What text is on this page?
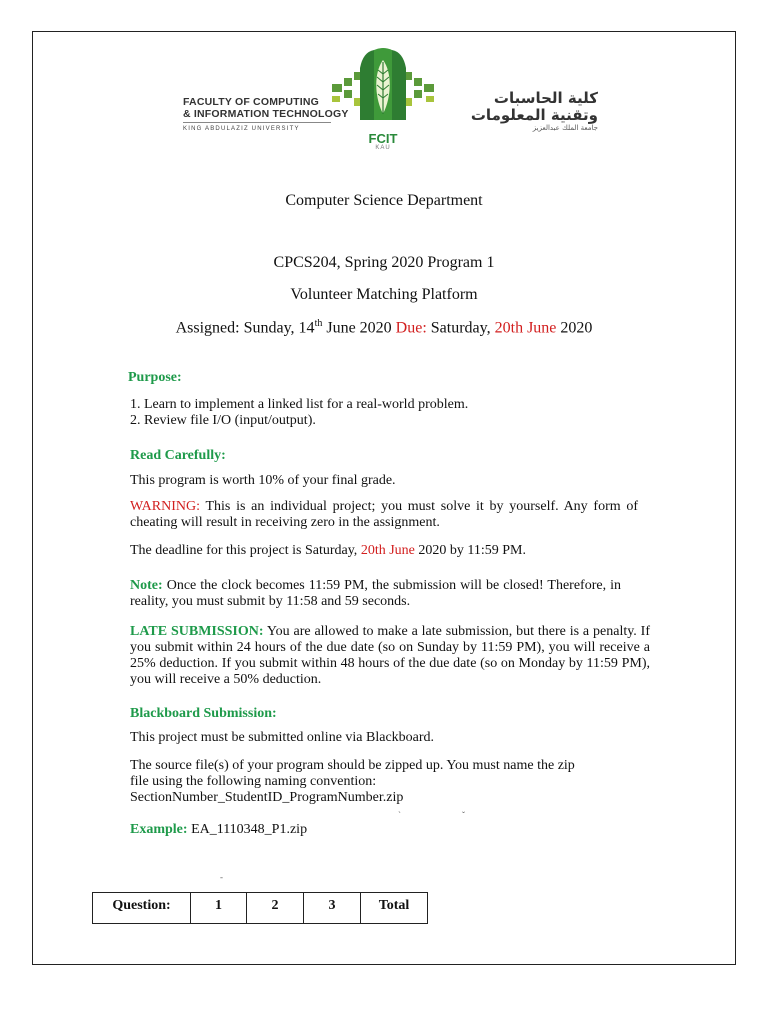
FACULTY OF COMPUTING
& INFORMATION TECHNOLOGY
KING ABDULAZIZ UNIVERSITY
FCIT
KAU
كلية الحاسبات
وتقنية المعلومات
جامعة الملك عبدالعزيز
Computer Science Department
CPCS204, Spring 2020 Program 1
Volunteer Matching Platform
Assigned: Sunday, 14th June 2020 Due: Saturday, 20th June 2020
Purpose:
1. Learn to implement a linked list for a real-world problem.
2. Review file I/O (input/output).
Read Carefully:
This program is worth 10% of your final grade.

WARNING: This is an individual project; you must solve it by yourself. Any form of cheating will result in receiving zero in the assignment.

The deadline for this project is Saturday, 20th June 2020 by 11:59 PM.

Note: Once the clock becomes 11:59 PM, the submission will be closed! Therefore, in reality, you must submit by 11:58 and 59 seconds.

LATE SUBMISSION: You are allowed to make a late submission, but there is a penalty. If you submit within 24 hours of the due date (so on Sunday by 11:59 PM), you will receive a 25% deduction. If you submit within 48 hours of the due date (so on Monday by 11:59 PM), you will receive a 50% deduction.

Blackboard Submission:
This project must be submitted online via Blackboard.
The source file(s) of your program should be zipped up. You must name the zip
file using the following naming convention:
SectionNumber_StudentID_ProgramNumber.zip
ˋ	ˇ

Example: EA_1110348_P1.zip

-
Question:	1	2	3	Total
